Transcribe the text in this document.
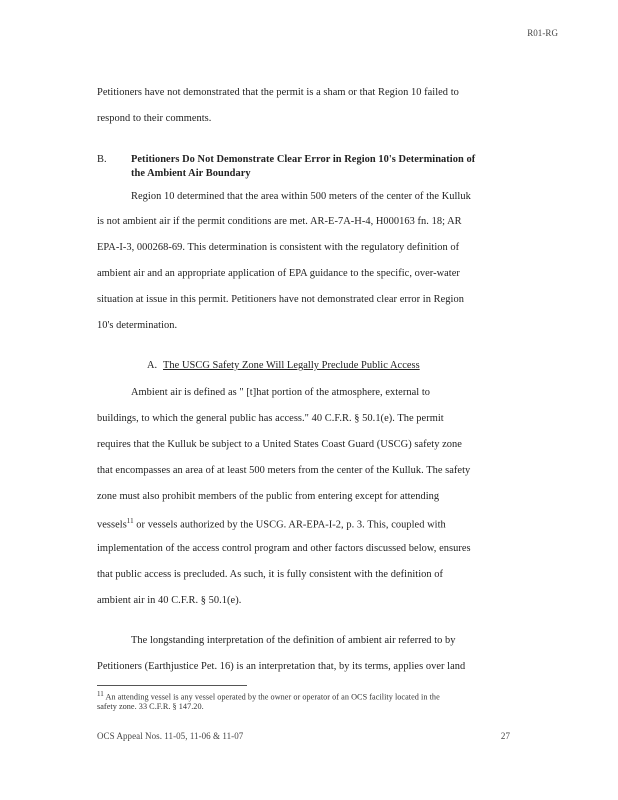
R01-RG
Petitioners have not demonstrated that the permit is a sham or that Region 10 failed to
respond to their comments.
B. Petitioners Do Not Demonstrate Clear Error in Region 10's Determination of
the Ambient Air Boundary
Region 10 determined that the area within 500 meters of the center of the Kulluk
is not ambient air if the permit conditions are met. AR-E-7A-H-4, H000163 fn. 18; AR
EPA-I-3, 000268-69. This determination is consistent with the regulatory definition of
ambient air and an appropriate application of EPA guidance to the specific, over-water
situation at issue in this permit. Petitioners have not demonstrated clear error in Region
10's determination.
A. The USCG Safety Zone Will Legally Preclude Public Access
Ambient air is defined as " [t]hat portion of the atmosphere, external to
buildings, to which the general public has access." 40 C.F.R. § 50.1(e). The permit
requires that the Kulluk be subject to a United States Coast Guard (USCG) safety zone
that encompasses an area of at least 500 meters from the center of the Kulluk. The safety
zone must also prohibit members of the public from entering except for attending
vessels$^{11}$ or vessels authorized by the USCG. AR-EPA-I-2, p. 3. This, coupled with
implementation of the access control program and other factors discussed below, ensures
that public access is precluded. As such, it is fully consistent with the definition of
ambient air in 40 C.F.R. § 50.1(e).
The longstanding interpretation of the definition of ambient air referred to by
Petitioners (Earthjustice Pet. 16) is an interpretation that, by its terms, applies over land
$^{11}$ An attending vessel is any vessel operated by the owner or operator of an OCS facility located in the
safety zone. 33 C.F.R. § 147.20.
OCS Appeal Nos. 11-05, 11-06 & 11-07	27
